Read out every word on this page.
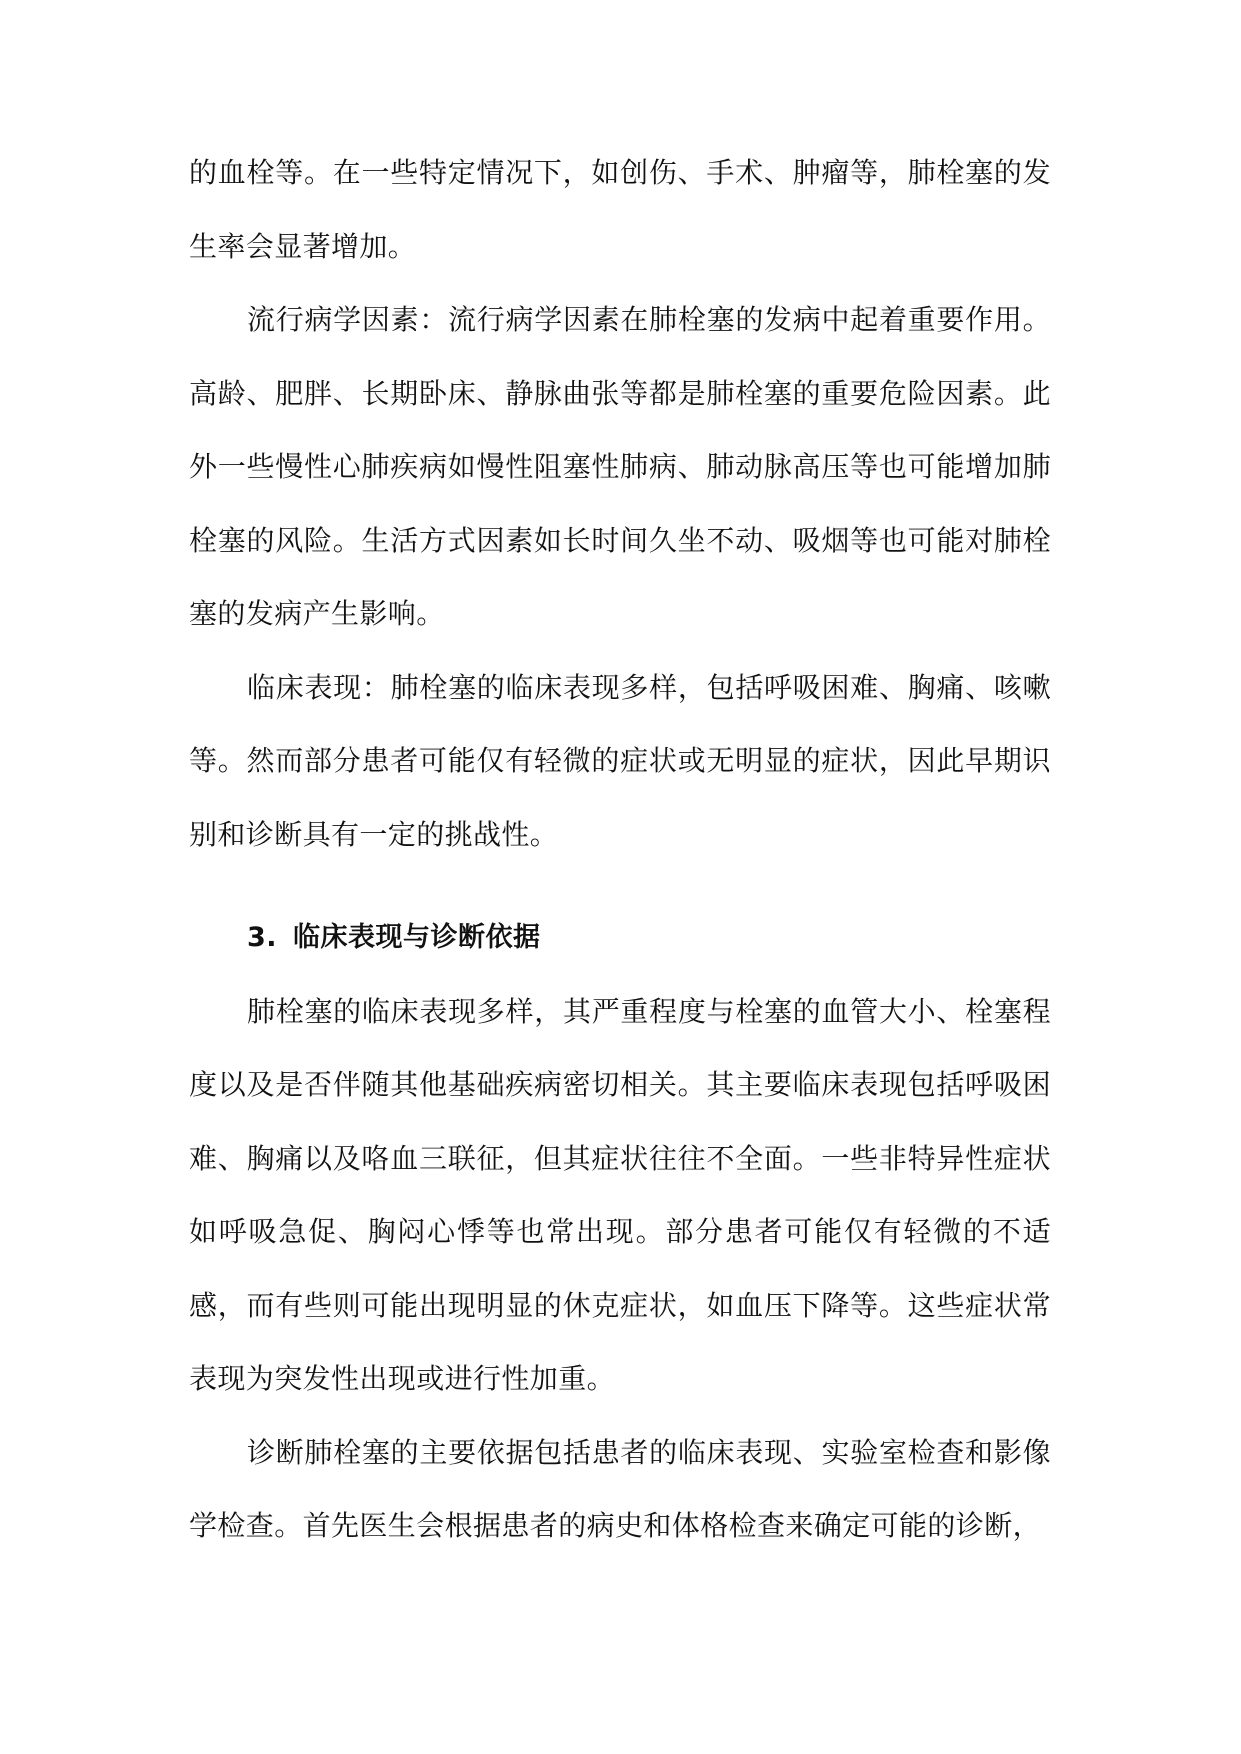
的血栓等。在一些特定情况下，如创伤、手术、肿瘤等，肺栓塞的发生率会显著增加。

流行病学因素：流行病学因素在肺栓塞的发病中起着重要作用。高龄、肥胖、长期卧床、静脉曲张等都是肺栓塞的重要危险因素。此外一些慢性心肺疾病如慢性阻塞性肺病、肺动脉高压等也可能增加肺栓塞的风险。生活方式因素如长时间久坐不动、吸烟等也可能对肺栓塞的发病产生影响。

临床表现：肺栓塞的临床表现多样，包括呼吸困难、胸痛、咳嗽等。然而部分患者可能仅有轻微的症状或无明显的症状，因此早期识别和诊断具有一定的挑战性。

3. 临床表现与诊断依据

肺栓塞的临床表现多样，其严重程度与栓塞的血管大小、栓塞程度以及是否伴随其他基础疾病密切相关。其主要临床表现包括呼吸困难、胸痛以及咯血三联征，但其症状往往不全面。一些非特异性症状如呼吸急促、胸闷心悸等也常出现。部分患者可能仅有轻微的不适感，而有些则可能出现明显的休克症状，如血压下降等。这些症状常表现为突发性出现或进行性加重。

诊断肺栓塞的主要依据包括患者的临床表现、实验室检查和影像学检查。首先医生会根据患者的病史和体格检查来确定可能的诊断，
